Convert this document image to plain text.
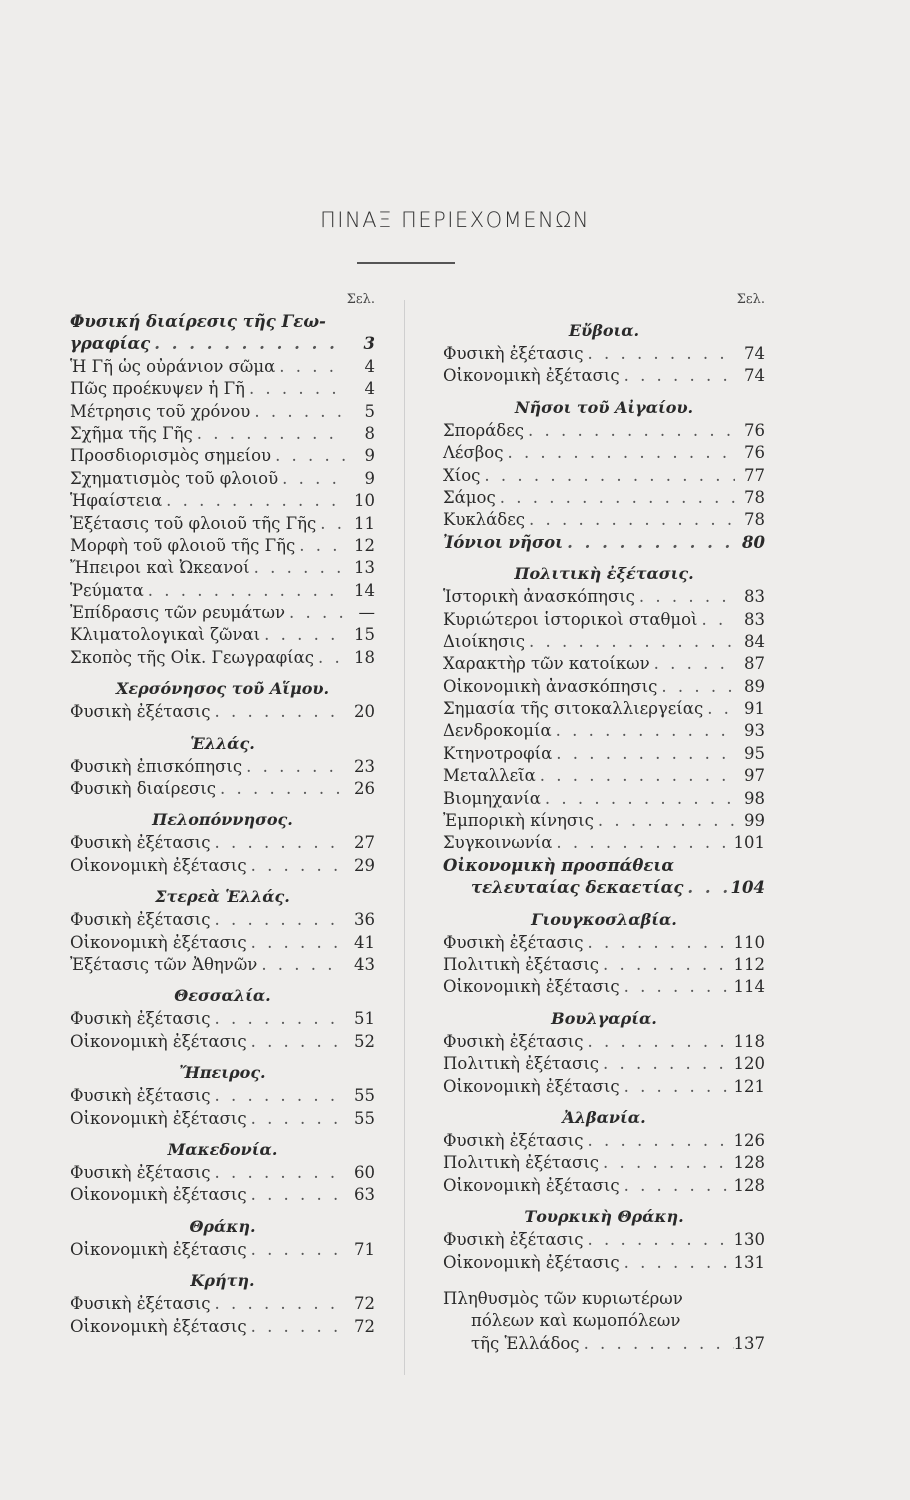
ΠΙΝΑΞ ΠΕΡΙΕΧΟΜΕΝΩΝ
Σελ.
Φυσική διαίρεσις τῆς Γεω-
γραφίας . . .	3
Ἡ Γῆ ὡς οὐράνιον σῶμα . . .	4
Πῶς προέκυψεν ἡ Γῆ . . .	4
Μέτρησις τοῦ χρόνου . . .	5
Σχῆμα τῆς Γῆς . . .	8
Προσδιορισμὸς σημείου . . .	9
Σχηματισμὸς τοῦ φλοιοῦ . . .	9
Ἡφαίστεια . . .	10
Ἐξέτασις τοῦ φλοιοῦ τῆς Γῆς . . .	11
Μορφὴ τοῦ φλοιοῦ τῆς Γῆς . . .	12
Ἤπειροι καὶ Ὠκεανοί . . .	13
Ῥεύματα . . .	14
Ἐπίδρασις τῶν ρευμάτων . . .	—
Κλιματολογικαὶ ζῶναι . . .	15
Σκοπὸς τῆς Οἰκ. Γεωγραφίας . . .	18
Χερσόνησος τοῦ Αἵμου.
Φυσικὴ ἐξέτασις . . .	20
Ἑλλάς.
Φυσικὴ ἐπισκόπησις . . .	23
Φυσικὴ διαίρεσις . . .	26
Πελοπόννησος.
Φυσικὴ ἐξέτασις . . .	27
Οἰκονομικὴ ἐξέτασις . . .	29
Στερεὰ Ἑλλάς.
Φυσικὴ ἐξέτασις . . .	36
Οἰκονομικὴ ἐξέτασις . . .	41
Ἐξέτασις τῶν Ἀθηνῶν . . .	43
Θεσσαλία.
Φυσικὴ ἐξέτασις . . .	51
Οἰκονομικὴ ἐξέτασις . . .	52
Ἤπειρος.
Φυσικὴ ἐξέτασις . . .	55
Οἰκονομικὴ ἐξέτασις . . .	55
Μακεδονία.
Φυσικὴ ἐξέτασις . . .	60
Οἰκονομικὴ ἐξέτασις . . .	63
Θράκη.
Οἰκονομικὴ ἐξέτασις . . .	71
Κρήτη.
Φυσικὴ ἐξέτασις . . .	72
Οἰκονομικὴ ἐξέτασις . . .	72
Σελ.
Εὔβοια.
Φυσικὴ ἐξέτασις . . .	74
Οἰκονομικὴ ἐξέτασις . . .	74
Νῆσοι τοῦ Αἰγαίου.
Σποράδες . . .	76
Λέσβος . . .	76
Χίος . . .	77
Σάμος . . .	78
Κυκλάδες . . .	78
Ἰόνιοι νῆσοι . . .	80
Πολιτικὴ ἐξέτασις.
Ἱστορικὴ ἀνασκόπησις . . .	83
Κυριώτεροι ἱστορικοὶ σταθμοὶ . . .	83
Διοίκησις . . .	84
Χαρακτὴρ τῶν κατοίκων . . .	87
Οἰκονομικὴ ἀνασκόπησις . . .	89
Σημασία τῆς σιτοκαλλιεργείας . . .	91
Δενδροκομία . . .	93
Κτηνοτροφία . . .	95
Μεταλλεῖα . . .	97
Βιομηχανία . . .	98
Ἐμπορικὴ κίνησις . . .	99
Συγκοινωνία . . .	101
Οἰκονομικὴ προσπάθεια
τελευταίας δεκαετίας . . .	104
Γιουγκοσλαβία.
Φυσικὴ ἐξέτασις . . .	110
Πολιτικὴ ἐξέτασις . . .	112
Οἰκονομικὴ ἐξέτασις . . .	114
Βουλγαρία.
Φυσικὴ ἐξέτασις . . .	118
Πολιτικὴ ἐξέτασις . . .	120
Οἰκονομικὴ ἐξέτασις . . .	121
Ἀλβανία.
Φυσικὴ ἐξέτασις . . .	126
Πολιτικὴ ἐξέτασις . . .	128
Οἰκονομικὴ ἐξέτασις . . .	128
Τουρκικὴ Θράκη.
Φυσικὴ ἐξέτασις . . .	130
Οἰκονομικὴ ἐξέτασις . . .	131
Πληθυσμὸς τῶν κυριωτέρων
πόλεων καὶ κωμοπόλεων
τῆς Ἑλλάδος . . .	137
